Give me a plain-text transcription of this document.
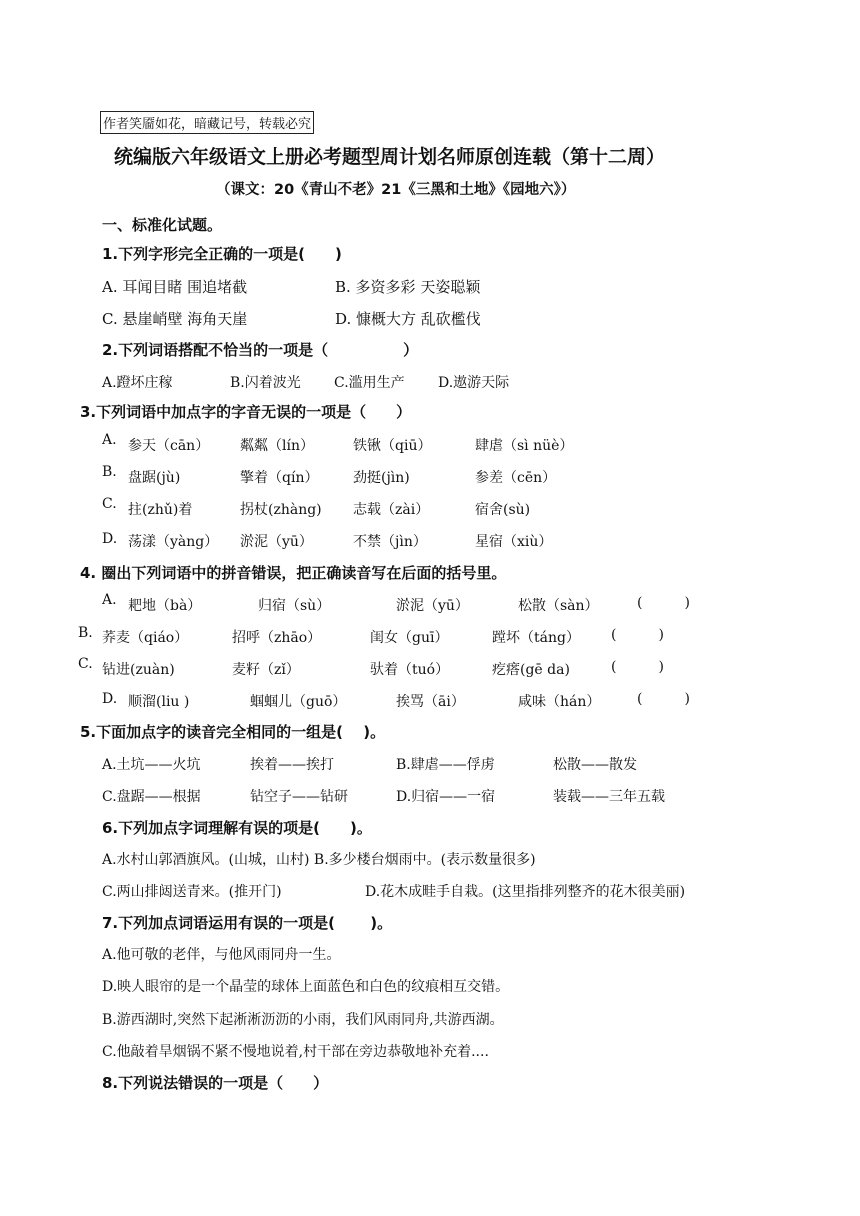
作者笑靥如花，暗藏记号，转载必究
统编版六年级语文上册必考题型周计划名师原创连载（第十二周）
（课文：20《青山不老》21《三黑和土地》《园地六》）
一、标准化试题。
1.下列字形完全正确的一项是(　　)
A. 耳闻目睹 围追堵截	B. 多资多彩 天姿聪颖
C. 悬崖峭壁 海角天崖	D. 慷概大方 乱砍檻伐
2.下列词语搭配不恰当的一项是（　　　　　）
A.蹬坏庄稼	B.闪着波光 C.滥用生产 D.遨游天际
3.下列词语中加点字的字音无误的一项是（　　）
A. 参天（cān） 粼粼（lín）	铁锹（qiū）	肆虐（sì nüè）
B. 盘踞(jù)	擎着（qín） 劲挺(jìn)	参差（cēn）
C. 拄(zhǔ)着	拐杖(zhàng) 志载（zài）	宿舍(sù)
D. 荡漾（yàng） 淤泥（yū）	不禁（jìn）	星宿（xiù）
4. 圈出下列词语中的拼音错误，把正确读音写在后面的括号里。
A. 耙地（bà）	归宿（sù）	淤泥（yū）	松散（sàn）	(　　　)
B. 荞麦（qiáo）	招呼（zhāo）	闺女（guī）	蹚坏（táng） (　　　)
C. 钻进(zuàn)	麦籽（zǐ）	驮着（tuó）	疙瘩(gē da)	(　　　)
D. 顺溜(liu )	蝈蝈儿（guō）	挨骂（āi）	咸味（hán）	(　　　)
5.下面加点字的读音完全相同的一组是(　 )。
A.土坑——火坑	挨着——挨打	B.肆虐——俘虏	松散——散发
C.盘踞——根据	钻空子——钻研	D.归宿——一宿	装载——三年五载
6.下列加点字词理解有误的项是(　　)。
A.水村山郭酒旗风。(山城，山村) B.多少楼台烟雨中。(表示数量很多)
C.两山排闼送青来。(推开门)	D.花木成畦手自栽。(这里指排列整齐的花木很美丽)
7.下列加点词语运用有误的一项是(　　 )。
A.他可敬的老伴，与他风雨同舟一生。
D.映人眼帘的是一个晶莹的球体上面蓝色和白色的纹痕相互交错。
B.游西湖时,突然下起淅淅沥沥的小雨，我们风雨同舟,共游西湖。
C.他敲着旱烟锅不紧不慢地说着,村干部在旁边恭敬地补充着....
8.下列说法错误的一项是（　　）
